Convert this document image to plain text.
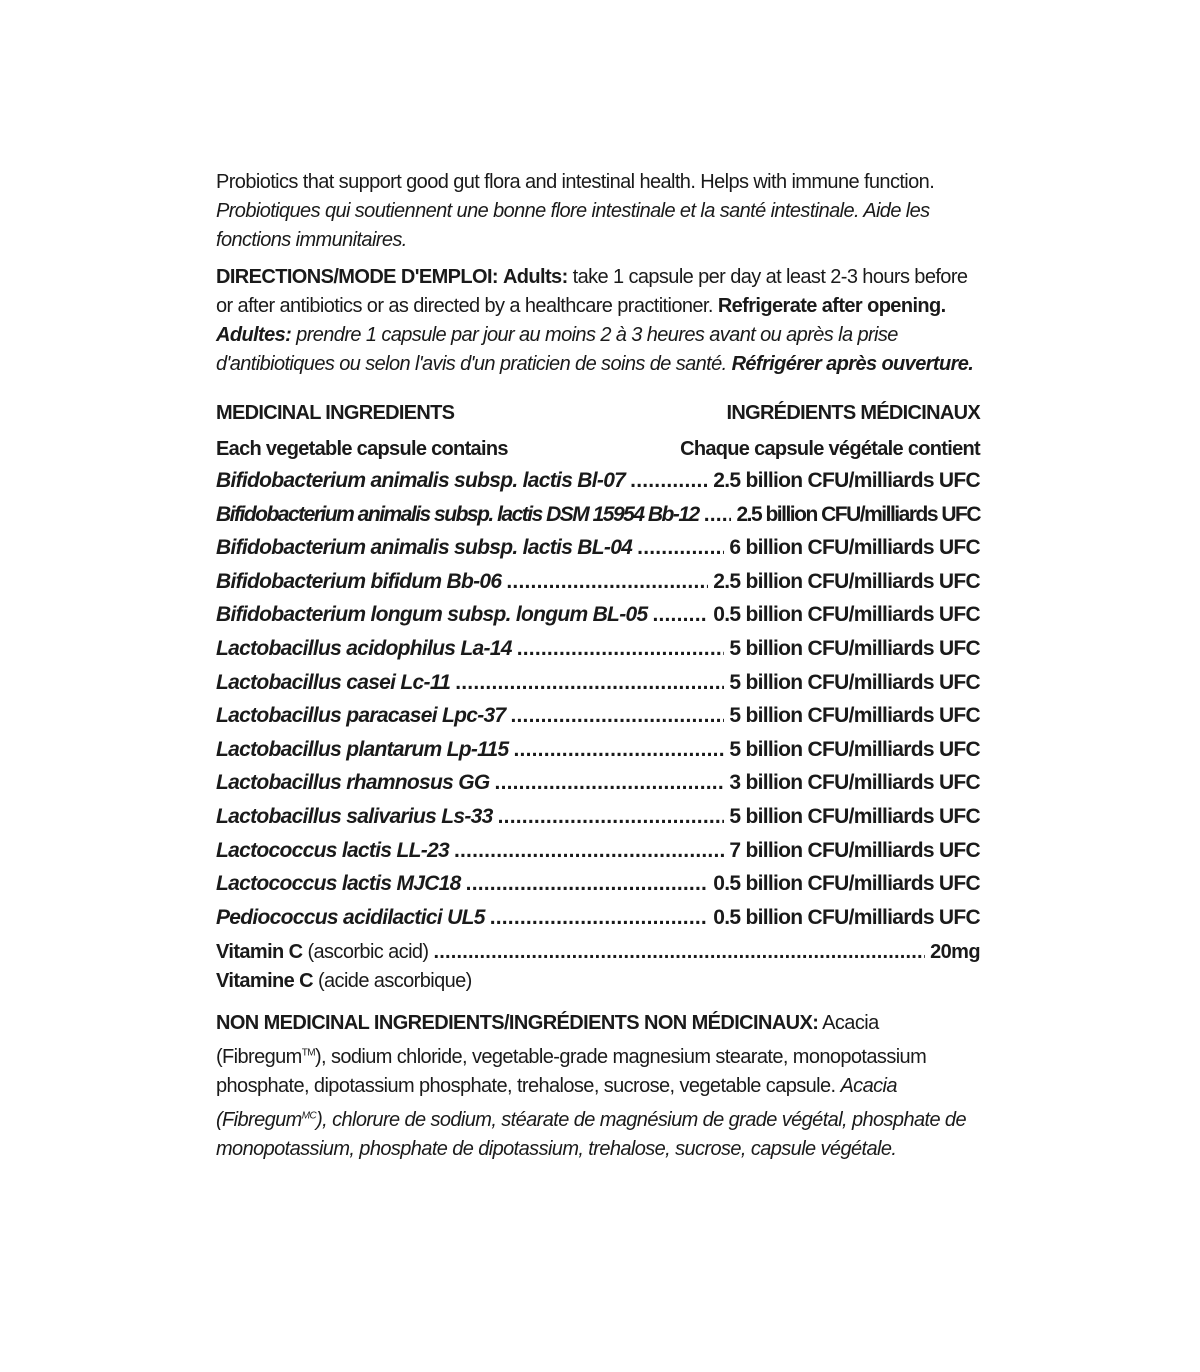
Probiotics that support good gut flora and intestinal health. Helps with immune function. Probiotiques qui soutiennent une bonne flore intestinale et la santé intestinale. Aide les fonctions immunitaires.

DIRECTIONS/MODE D'EMPLOI: Adults: take 1 capsule per day at least 2-3 hours before or after antibiotics or as directed by a healthcare practitioner. Refrigerate after opening. Adultes: prendre 1 capsule par jour au moins 2 à 3 heures avant ou après la prise d'antibiotiques ou selon l'avis d'un praticien de soins de santé. Réfrigérer après ouverture.

MEDICINAL INGREDIENTS	INGRÉDIENTS MÉDICINAUX
Each vegetable capsule contains	Chaque capsule végétale contient
Bifidobacterium animalis subsp. lactis Bl-07 .....	2.5 billion CFU/milliards UFC
Bifidobacterium animalis subsp. lactis DSM 15954 Bb-12 ..... 2.5 billion CFU/milliards UFC
Bifidobacterium animalis subsp. lactis BL-04 .....	6 billion CFU/milliards UFC
Bifidobacterium bifidum Bb-06 .....	2.5 billion CFU/milliards UFC
Bifidobacterium longum subsp. longum BL-05 .....	0.5 billion CFU/milliards UFC
Lactobacillus acidophilus La-14 .....	5 billion CFU/milliards UFC
Lactobacillus casei Lc-11 .....	5 billion CFU/milliards UFC
Lactobacillus paracasei Lpc-37 .....	5 billion CFU/milliards UFC
Lactobacillus plantarum Lp-115 .....	5 billion CFU/milliards UFC
Lactobacillus rhamnosus GG .....	3 billion CFU/milliards UFC
Lactobacillus salivarius Ls-33 .....	5 billion CFU/milliards UFC
Lactococcus lactis LL-23 .....	7 billion CFU/milliards UFC
Lactococcus lactis MJC18 .....	0.5 billion CFU/milliards UFC
Pediococcus acidilactici UL5 .....	0.5 billion CFU/milliards UFC
Vitamin C (ascorbic acid) .....	20mg
Vitamine C (acide ascorbique)

NON MEDICINAL INGREDIENTS/INGRÉDIENTS NON MÉDICINAUX: Acacia (Fibregum™), sodium chloride, vegetable-grade magnesium stearate, monopotassium phosphate, dipotassium phosphate, trehalose, sucrose, vegetable capsule. Acacia (Fibregum$^{MC}$), chlorure de sodium, stéarate de magnésium de grade végétal, phosphate de monopotassium, phosphate de dipotassium, trehalose, sucrose, capsule végétale.
